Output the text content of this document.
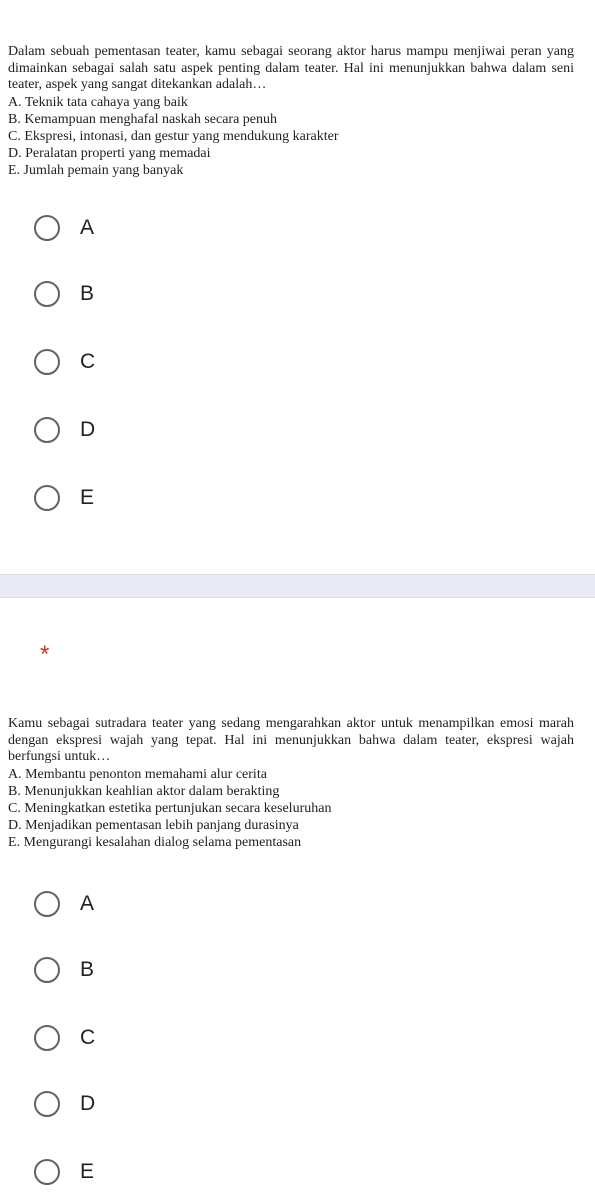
Dalam sebuah pementasan teater, kamu sebagai seorang aktor harus mampu menjiwai peran yang dimainkan sebagai salah satu aspek penting dalam teater. Hal ini menunjukkan bahwa dalam seni teater, aspek yang sangat ditekankan adalah…

A. Teknik tata cahaya yang baik

B. Kemampuan menghafal naskah secara penuh

C. Ekspresi, intonasi, dan gestur yang mendukung karakter

D. Peralatan properti yang memadai

E. Jumlah pemain yang banyak

A
B
C
D
E
*

Kamu sebagai sutradara teater yang sedang mengarahkan aktor untuk menampilkan emosi marah dengan ekspresi wajah yang tepat. Hal ini menunjukkan bahwa dalam teater, ekspresi wajah berfungsi untuk…

A. Membantu penonton memahami alur cerita

B. Menunjukkan keahlian aktor dalam berakting

C. Meningkatkan estetika pertunjukan secara keseluruhan

D. Menjadikan pementasan lebih panjang durasinya

E. Mengurangi kesalahan dialog selama pementasan

A
B
C
D
E
